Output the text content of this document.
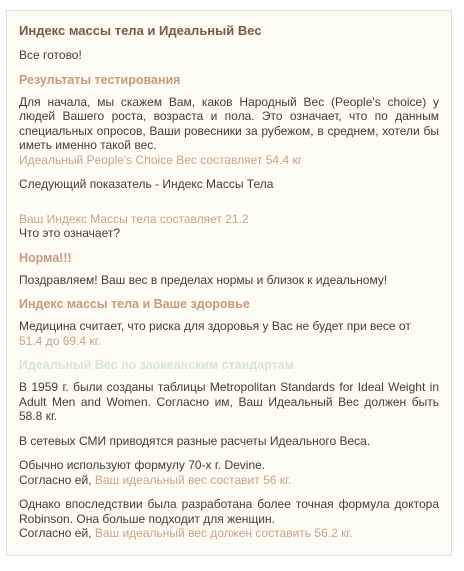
Индекс массы тела и Идеальный Вес

Все готово!

Результаты тестирования

Для начала, мы скажем Вам, каков Народный Вес (People's choice) у людей Вашего роста, возраста и пола. Это означает, что по данным специальных опросов, Ваши ровесники за рубежом, в среднем, хотели бы иметь именно такой вес.

Идеальный People's Choice Вес составляет 54.4 кг

Следующий показатель - Индекс Массы Тела

Ваш Индекс Массы тела составляет 21.2

Что это означает?

Норма!!!

Поздравляем! Ваш вес в пределах нормы и близок к идеальному!

Индекс массы тела и Ваше здоровье

Медицина считает, что риска для здоровья у Вас не будет при весе от
51.4 до 69.4 кг.

Идеальный Вес по заокеанским стандартам

В 1959 г. были созданы таблицы Metropolitan Standards for Ideal Weight in Adult Men and Women. Согласно им, Ваш Идеальный Вес должен быть 58.8 кг.

В сетевых СМИ приводятся разные расчеты Идеального Веса.

Обычно используют формулу 70-х г. Devine.
Согласно ей, Ваш идеальный вес составит 56 кг.

Однако впоследствии была разработана более точная формула доктора Robinson. Она больше подходит для женщин.
Согласно ей, Ваш идеальный вес должен составить 56.2 кг.
